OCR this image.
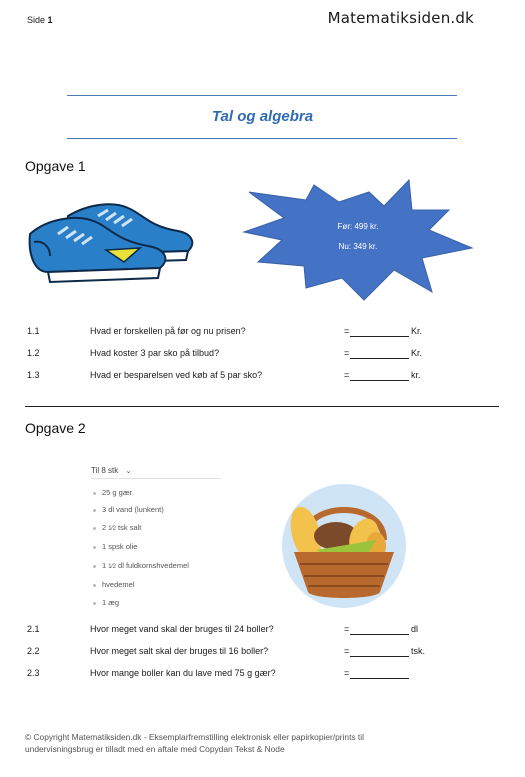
Side 1	Matematiksiden.dk
Tal og algebra
Opgave 1
Før: 499 kr.
Nu: 349 kr.
1.1	Hvad er forskellen på før og nu prisen?	=	Kr.
1.2	Hvad koster 3 par sko på tilbud?	=	Kr.
1.3	Hvad er besparelsen ved køb af 5 par sko?	=	kr.
Opgave 2
Til 8 stk ⌄
25 g gær
3 dl vand (lunkent)
2 1⁄2 tsk salt
1 spsk olie
1 1⁄2 dl fuldkornshvedemel
hvedemel
1 æg
2.1	Hvor meget vand skal der bruges til 24 boller?	=	dl
2.2	Hvor meget salt skal der bruges til 16 boller?	=	tsk.
2.3	Hvor mange boller kan du lave med 75 g gær?	=
© Copyright Matematiksiden.dk - Eksemplarfremstilling elektronisk eller papirkopier/prints til
undervisningsbrug er tilladt med en aftale med Copydan Tekst & Node
